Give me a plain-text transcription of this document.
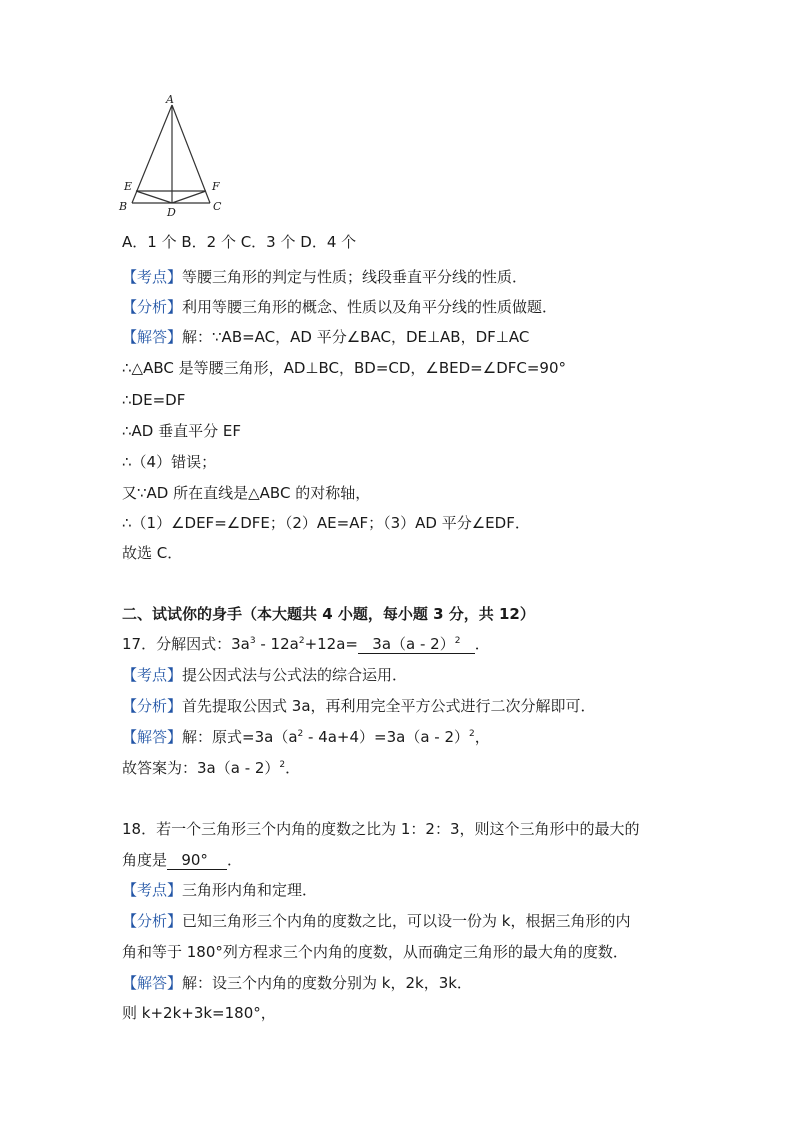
A
E	F
B	C
D
A．1 个 B．2 个 C．3 个 D．4 个
【考点】等腰三角形的判定与性质；线段垂直平分线的性质．
【分析】利用等腰三角形的概念、性质以及角平分线的性质做题．
【解答】解：∵AB=AC，AD 平分∠BAC，DE⊥AB，DF⊥AC
∴△ABC 是等腰三角形，AD⊥BC，BD=CD，∠BED=∠DFC=90°
∴DE=DF
∴AD 垂直平分 EF
∴（4）错误；
又∵AD 所在直线是△ABC 的对称轴，
∴（1）∠DEF=∠DFE；（2）AE=AF；（3）AD 平分∠EDF．
故选 C．
二、试试你的身手（本大题共 4 小题，每小题 3 分，共 12）
17．分解因式：$3a^3 - 12a^2+12a= 3a(a - 2)^2$ ．
【考点】提公因式法与公式法的综合运用．
【分析】首先提取公因式 3a，再利用完全平方公式进行二次分解即可．
【解答】解：原式$=3a(a^2 - 4a+4)=3a(a - 2)^2$，
故答案为：3a（a - 2）$^2$．
18．若一个三角形三个内角的度数之比为 1：2：3，则这个三角形中的最大的
角度是 90° ．
【考点】三角形内角和定理．
【分析】已知三角形三个内角的度数之比，可以设一份为 k，根据三角形的内
角和等于 180°列方程求三个内角的度数，从而确定三角形的最大角的度数．
【解答】解：设三个内角的度数分别为 k，2k，3k．
则 k+2k+3k=180°，
